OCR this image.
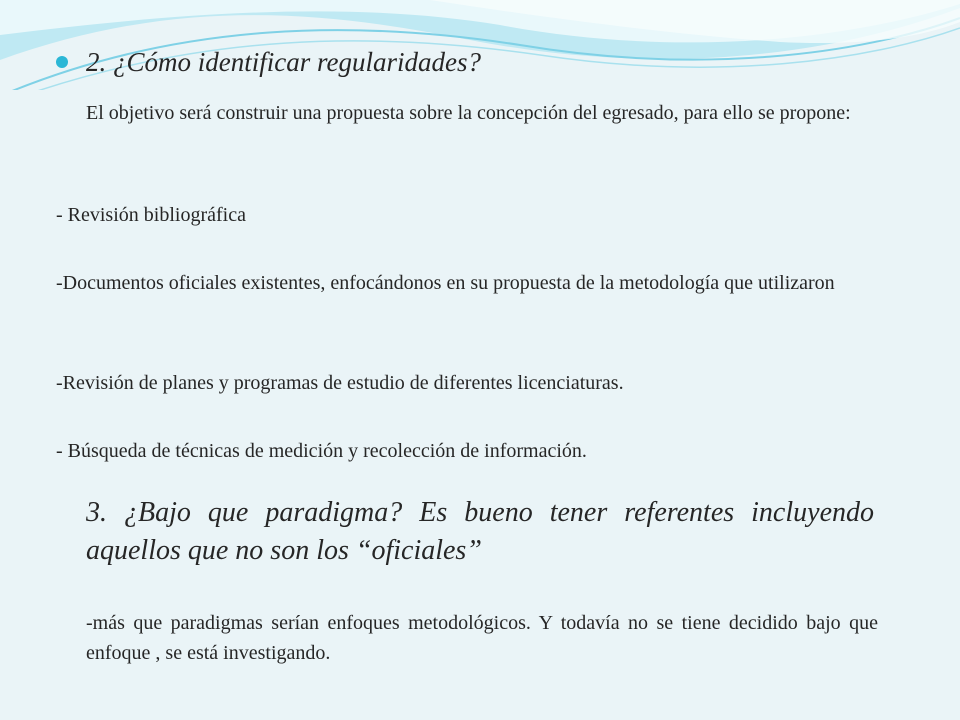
2. ¿Cómo identificar regularidades?
El objetivo será construir una propuesta sobre la concepción del egresado, para ello se propone:
- Revisión bibliográfica
-Documentos oficiales existentes, enfocándonos en su propuesta de la metodología que utilizaron
-Revisión de planes y programas de estudio de diferentes licenciaturas.
- Búsqueda de técnicas de medición y recolección de información.
3. ¿Bajo que paradigma? Es bueno tener referentes incluyendo aquellos que no son los “oficiales”
-más que paradigmas serían enfoques metodológicos. Y todavía no se tiene decidido bajo que enfoque , se está investigando.
